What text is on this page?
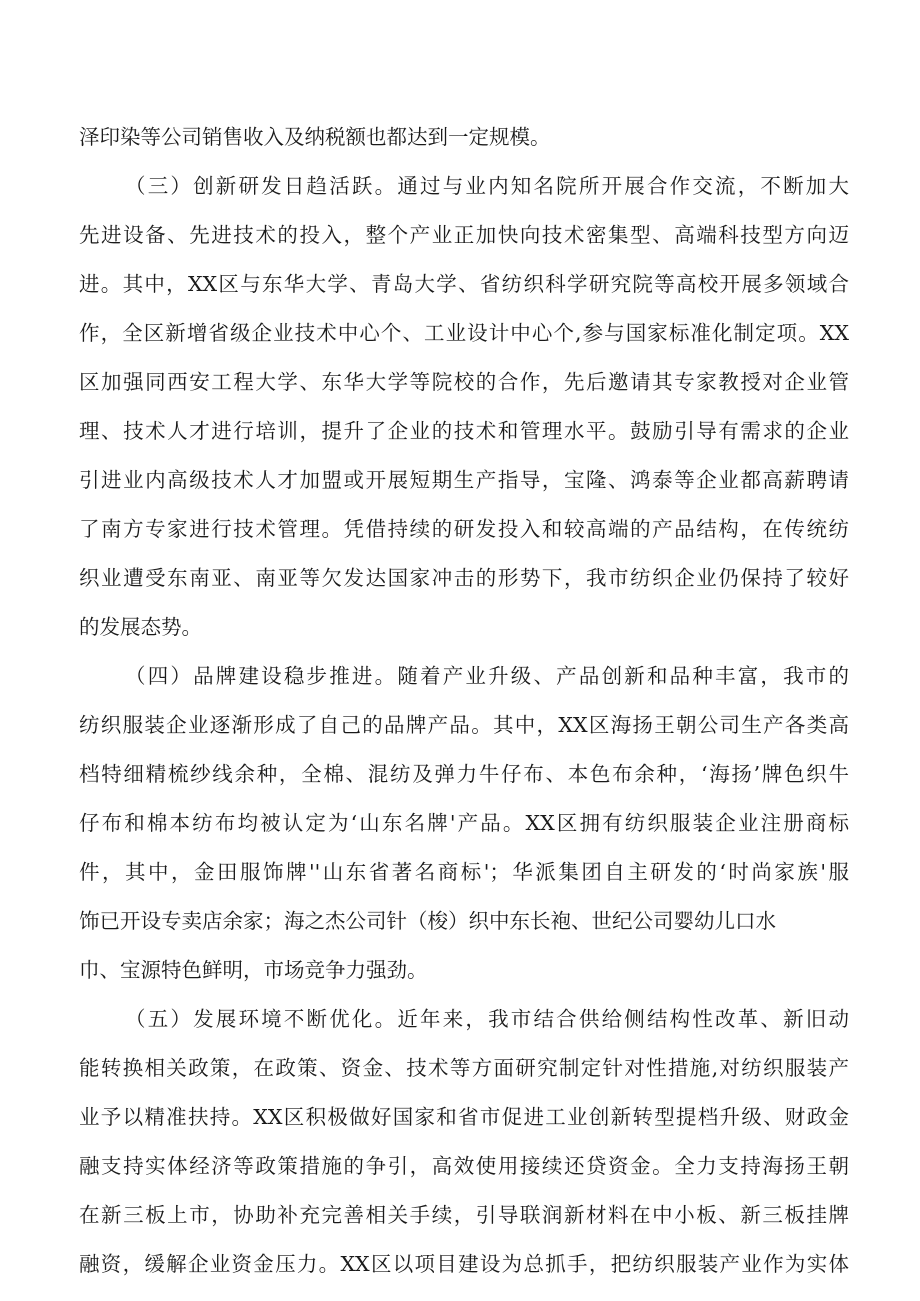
泽印染等公司销售收入及纳税额也都达到一定规模。
（三）创新研发日趋活跃。通过与业内知名院所开展合作交流，不断加大
先进设备、先进技术的投入，整个产业正加快向技术密集型、高端科技型方向迈
进。其中，XX区与东华大学、青岛大学、省纺织科学研究院等高校开展多领域合
作，全区新增省级企业技术中心个、工业设计中心个,参与国家标准化制定项。XX
区加强同西安工程大学、东华大学等院校的合作，先后邀请其专家教授对企业管
理、技术人才进行培训，提升了企业的技术和管理水平。鼓励引导有需求的企业
引进业内高级技术人才加盟或开展短期生产指导，宝隆、鸿泰等企业都高薪聘请
了南方专家进行技术管理。凭借持续的研发投入和较高端的产品结构，在传统纺
织业遭受东南亚、南亚等欠发达国家冲击的形势下，我市纺织企业仍保持了较好
的发展态势。
（四）品牌建设稳步推进。随着产业升级、产品创新和品种丰富，我市的
纺织服装企业逐渐形成了自己的品牌产品。其中，XX区海扬王朝公司生产各类高
档特细精梳纱线余种，全棉、混纺及弹力牛仔布、本色布余种，‘海扬’牌色织牛
仔布和棉本纺布均被认定为‘山东名牌'产品。XX区拥有纺织服装企业注册商标
件，其中，金田服饰牌''山东省著名商标'；华派集团自主研发的‘时尚家族'服
饰已开设专卖店余家；海之杰公司针（梭）织中东长袍、世纪公司婴幼儿口水
巾、宝源特色鲜明，市场竞争力强劲。
（五）发展环境不断优化。近年来，我市结合供给侧结构性改革、新旧动
能转换相关政策，在政策、资金、技术等方面研究制定针对性措施,对纺织服装产
业予以精准扶持。XX区积极做好国家和省市促进工业创新转型提档升级、财政金
融支持实体经济等政策措施的争引，高效使用接续还贷资金。全力支持海扬王朝
在新三板上市，协助补充完善相关手续，引导联润新材料在中小板、新三板挂牌
融资，缓解企业资金压力。XX区以项目建设为总抓手，把纺织服装产业作为实体
